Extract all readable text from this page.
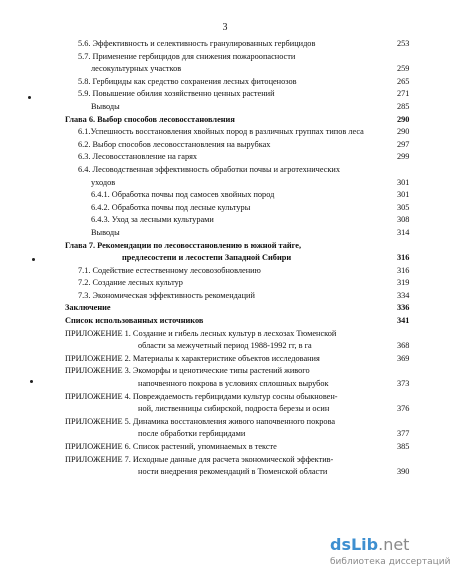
3
5.6. Эффективность и селективность гранулированных гербицидов	253
5.7. Применение гербицидов для снижения пожароопасности
лесокультурных участков	259
5.8. Гербициды как средство сохранения лесных фитоценозов	265
5.9. Повышение обилия хозяйственно ценных растений	271
Выводы	285
Глава 6. Выбор способов лесовосстановления	290
6.1.Успешность восстановления хвойных пород в различных группах типов леса	290
6.2. Выбор способов лесовосстановления на вырубках	297
6.3. Лесовосстановление на гарях	299
6.4. Лесоводственная эффективность обработки почвы и агротехнических
уходов	301
6.4.1. Обработка почвы под самосев хвойных пород	301
6.4.2. Обработка почвы под лесные культуры	305
6.4.3. Уход за лесными культурами	308
Выводы	314
Глава 7. Рекомендации по лесовосстановлению в южной тайге,
предлесостепи и лесостепи Западной Сибири	316
7.1. Содействие естественному лесовозобновлению	316
7.2. Создание лесных культур	319
7.3. Экономическая эффективность рекомендаций	334
Заключение	336
Список использованных источников	341
ПРИЛОЖЕНИЕ 1. Создание и гибель лесных культур в лесхозах Тюменской
области за межучетный период 1988-1992 гг, в га	368
ПРИЛОЖЕНИЕ 2. Материалы к характеристике объектов исследования	369
ПРИЛОЖЕНИЕ 3. Экоморфы и ценотические типы растений живого
напочвенного покрова в условиях сплошных вырубок	373
ПРИЛОЖЕНИЕ 4. Повреждаемость гербицидами культур сосны обыкновен-
ной, лиственницы сибирской, подроста березы и осин	376
ПРИЛОЖЕНИЕ 5. Динамика восстановления живого напочвенного покрова
после обработки гербицидами	377
ПРИЛОЖЕНИЕ 6. Список растений, упоминаемых в тексте	385
ПРИЛОЖЕНИЕ 7. Исходные данные для расчета экономической эффектив-
ности внедрения рекомендаций в Тюменской области	390
dsLib.net
библиотека диссертаций
